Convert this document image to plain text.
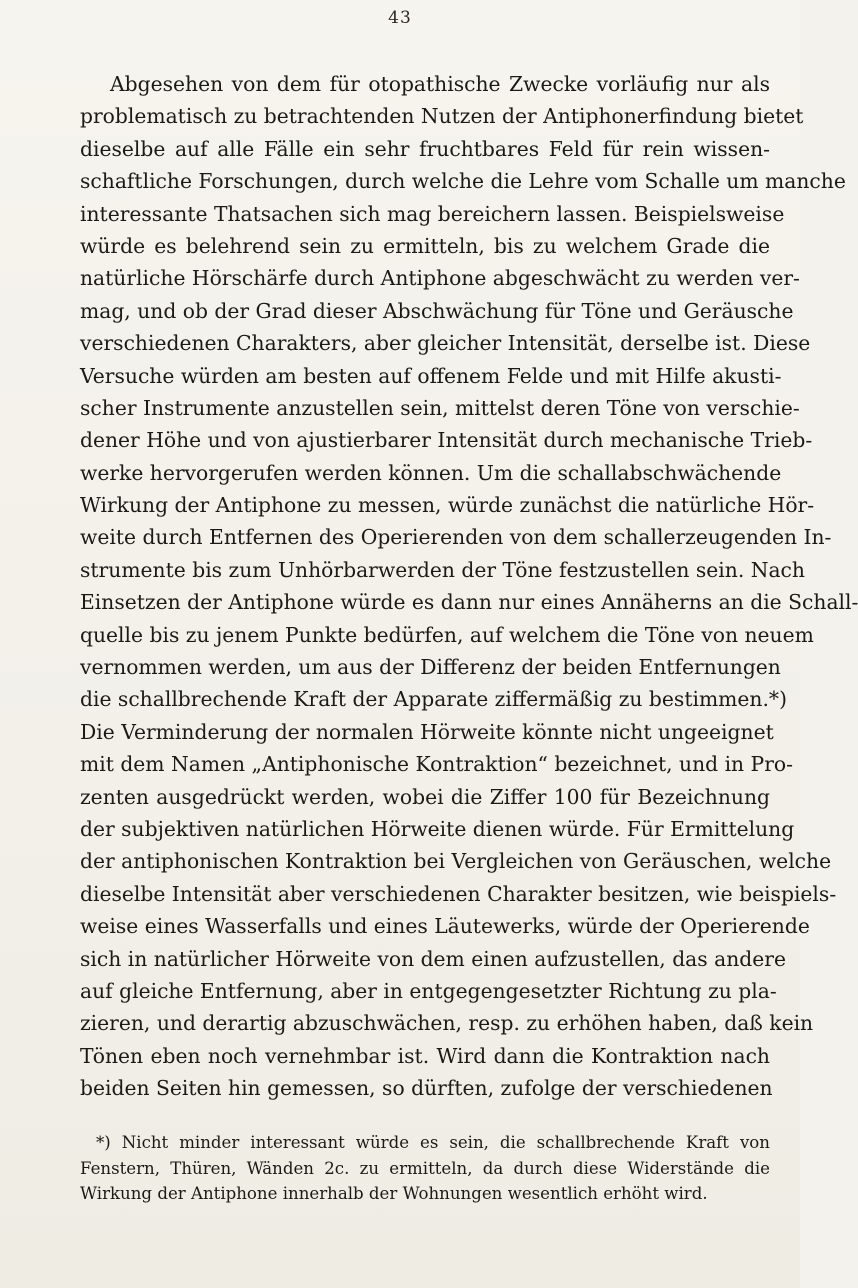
43
Abgesehen von dem für otopathische Zwecke vorläufig nur als
problematisch zu betrachtenden Nutzen der Antiphonerfindung bietet
dieselbe auf alle Fälle ein sehr fruchtbares Feld für rein wissen-
schaftliche Forschungen, durch welche die Lehre vom Schalle um manche
interessante Thatsachen sich mag bereichern lassen. Beispielsweise
würde es belehrend sein zu ermitteln, bis zu welchem Grade die
natürliche Hörschärfe durch Antiphone abgeschwächt zu werden ver-
mag, und ob der Grad dieser Abschwächung für Töne und Geräusche
verschiedenen Charakters, aber gleicher Intensität, derselbe ist. Diese
Versuche würden am besten auf offenem Felde und mit Hilfe akusti-
scher Instrumente anzustellen sein, mittelst deren Töne von verschie-
dener Höhe und von ajustierbarer Intensität durch mechanische Trieb-
werke hervorgerufen werden können. Um die schallabschwächende
Wirkung der Antiphone zu messen, würde zunächst die natürliche Hör-
weite durch Entfernen des Operierenden von dem schallerzeugenden In-
strumente bis zum Unhörbarwerden der Töne festzustellen sein. Nach
Einsetzen der Antiphone würde es dann nur eines Annäherns an die Schall-
quelle bis zu jenem Punkte bedürfen, auf welchem die Töne von neuem
vernommen werden, um aus der Differenz der beiden Entfernungen
die schallbrechende Kraft der Apparate ziffermäßig zu bestimmen.*)
Die Verminderung der normalen Hörweite könnte nicht ungeeignet
mit dem Namen „Antiphonische Kontraktion“ bezeichnet, und in Pro-
zenten ausgedrückt werden, wobei die Ziffer 100 für Bezeichnung
der subjektiven natürlichen Hörweite dienen würde. Für Ermittelung
der antiphonischen Kontraktion bei Vergleichen von Geräuschen, welche
dieselbe Intensität aber verschiedenen Charakter besitzen, wie beispiels-
weise eines Wasserfalls und eines Läutewerks, würde der Operierende
sich in natürlicher Hörweite von dem einen aufzustellen, das andere
auf gleiche Entfernung, aber in entgegengesetzter Richtung zu pla-
zieren, und derartig abzuschwächen, resp. zu erhöhen haben, daß kein
Tönen eben noch vernehmbar ist. Wird dann die Kontraktion nach
beiden Seiten hin gemessen, so dürften, zufolge der verschiedenen
*) Nicht minder interessant würde es sein, die schallbrechende Kraft von
Fenstern, Thüren, Wänden 2c. zu ermitteln, da durch diese Widerstände die
Wirkung der Antiphone innerhalb der Wohnungen wesentlich erhöht wird.
